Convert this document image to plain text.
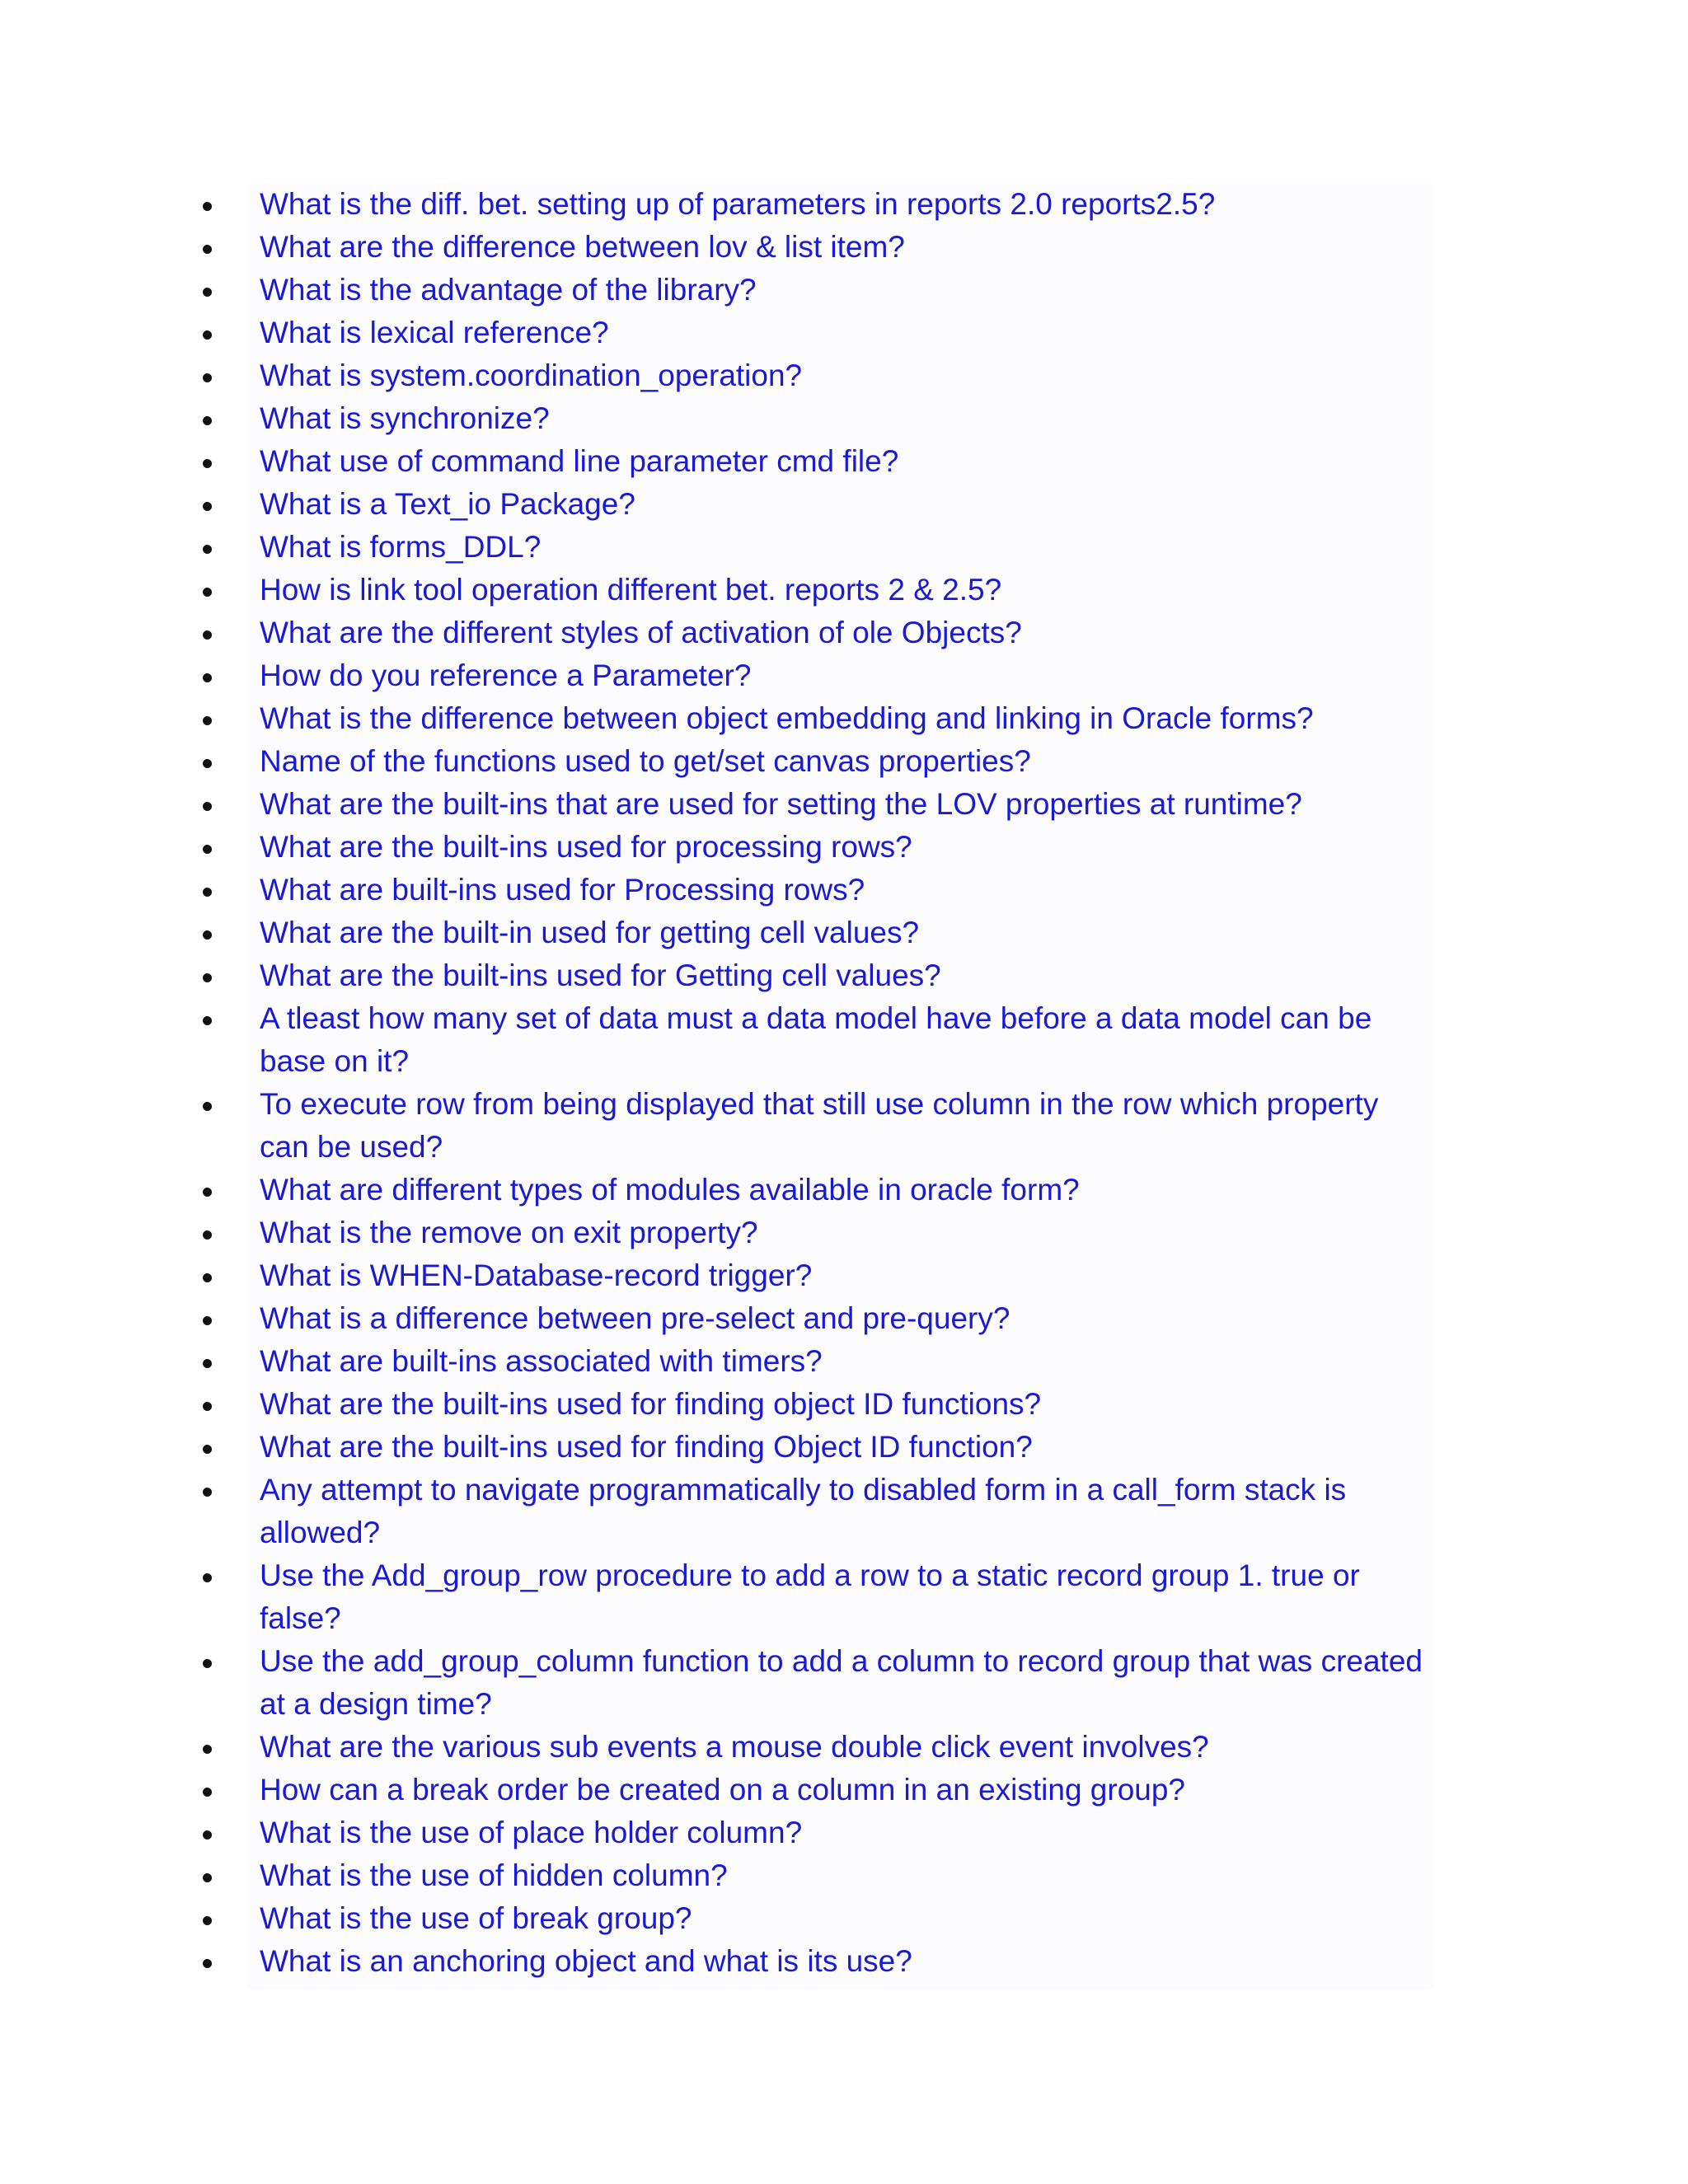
What is the diff. bet. setting up of parameters in reports 2.0 reports2.5?
What are the difference between lov & list item?
What is the advantage of the library?
What is lexical reference?
What is system.coordination_operation?
What is synchronize?
What use of command line parameter cmd file?
What is a Text_io Package?
What is forms_DDL?
How is link tool operation different bet. reports 2 & 2.5?
What are the different styles of activation of ole Objects?
How do you reference a Parameter?
What is the difference between object embedding and linking in Oracle forms?
Name of the functions used to get/set canvas properties?
What are the built-ins that are used for setting the LOV properties at runtime?
What are the built-ins used for processing rows?
What are built-ins used for Processing rows?
What are the built-in used for getting cell values?
What are the built-ins used for Getting cell values?
A tleast how many set of data must a data model have before a data model can be base on it?
To execute row from being displayed that still use column in the row which property can be used?
What are different types of modules available in oracle form?
What is the remove on exit property?
What is WHEN-Database-record trigger?
What is a difference between pre-select and pre-query?
What are built-ins associated with timers?
What are the built-ins used for finding object ID functions?
What are the built-ins used for finding Object ID function?
Any attempt to navigate programmatically to disabled form in a call_form stack is allowed?
Use the Add_group_row procedure to add a row to a static record group 1. true or false?
Use the add_group_column function to add a column to record group that was created at a design time?
What are the various sub events a mouse double click event involves?
How can a break order be created on a column in an existing group?
What is the use of place holder column?
What is the use of hidden column?
What is the use of break group?
What is an anchoring object and what is its use?
